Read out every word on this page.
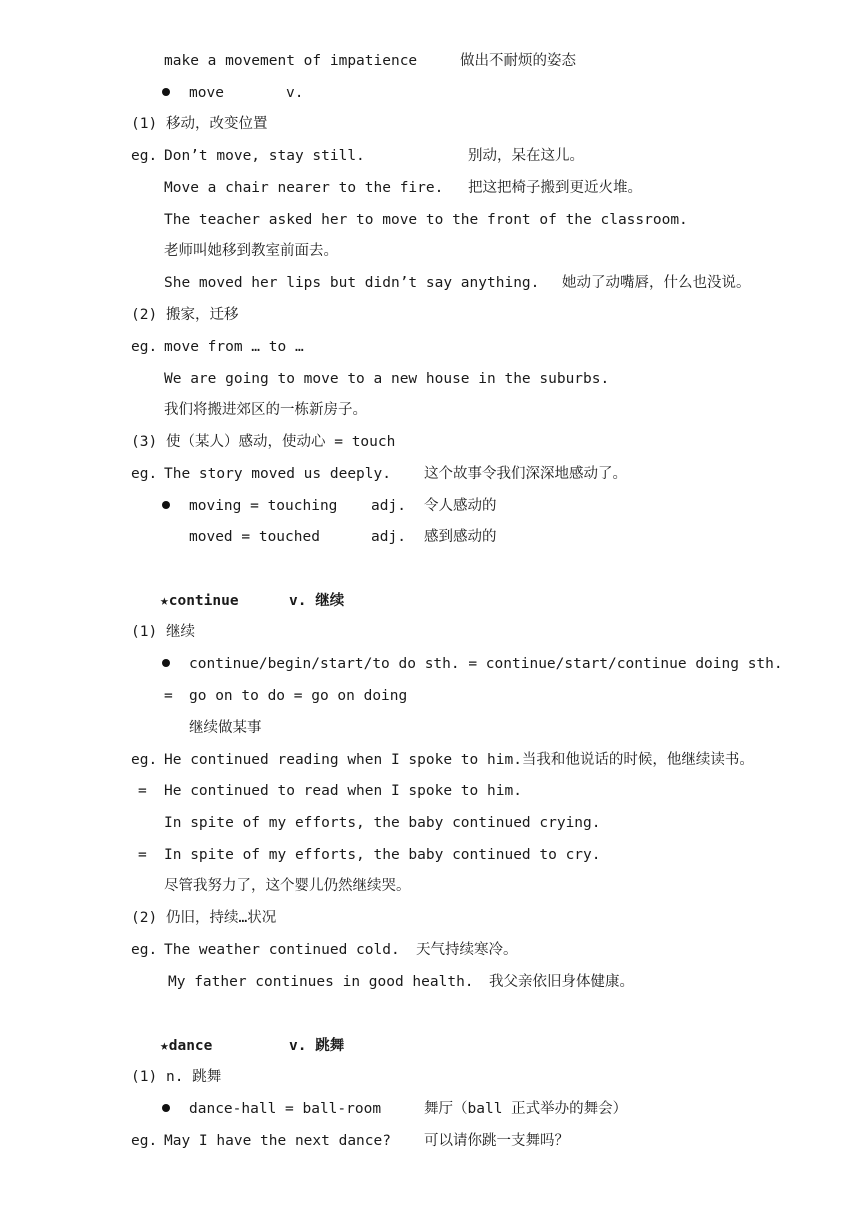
make a movement of impatience	做出不耐烦的姿态
move	v.
(1) 移动，改变位置
eg. Don’t move, stay still.	别动，呆在这儿。
Move a chair nearer to the fire. 把这把椅子搬到更近火堆。
The teacher asked her to move to the front of the classroom.
老师叫她移到教室前面去。
She moved her lips but didn’t say anything. 她动了动嘴唇，什么也没说。
(2) 搬家，迁移
eg. move from … to …
We are going to move to a new house in the suburbs.
我们将搬进郊区的一栋新房子。
(3) 使（某人）感动，使动心 = touch
eg. The story moved us deeply. 这个故事令我们深深地感动了。
moving = touching adj. 令人感动的
moved = touched	adj. 感到感动的
★continue	v. 继续
(1) 继续
continue/begin/start/to do sth. = continue/start/continue doing sth.
= go on to do = go on doing
继续做某事
eg. He continued reading when I spoke to him.当我和他说话的时候，他继续读书。
= He continued to read when I spoke to him.
In spite of my efforts, the baby continued crying.
= In spite of my efforts, the baby continued to cry.
尽管我努力了，这个婴儿仍然继续哭。
(2) 仍旧，持续…状况
eg. The weather continued cold. 天气持续寒冷。
My father continues in good health. 我父亲依旧身体健康。
★dance	v. 跳舞
(1) n. 跳舞
dance-hall = ball-room	舞厅（ball 正式举办的舞会）
eg. May I have the next dance? 可以请你跳一支舞吗？
